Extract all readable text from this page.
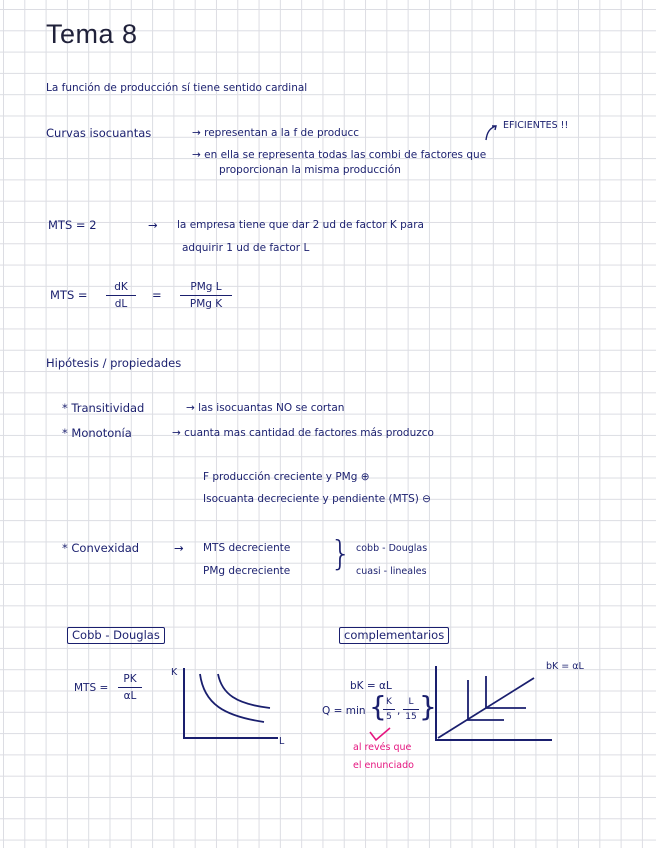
Tema 8
La función de producción sí tiene sentido cardinal
Curvas isocuantas	→ representan a la f de producc
EFICIENTES !!
→ en ella se representa todas las combi de factores que
proporcionan la misma producción
MTS = 2	→ la empresa tiene que dar 2 ud de factor K para
adquirir 1 ud de factor L
MTS =
dK
dL
=
PMg L
PMg K
Hipótesis / propiedades
* Transitividad	→ las isocuantas NO se cortan
* Monotonía	→ cuanta mas cantidad de factores más produzco
F producción creciente y PMg ⊕
Isocuanta decreciente y pendiente (MTS) ⊖
* Convexidad	→ MTS decreciente
PMg decreciente } cobb - Douglas
cuasi - lineales
Cobb - Douglas
MTS =
PK
αL
K
L
complementarios
bK = αL
Q = min { K
5 ,
L
15 }
al revés que
el enunciado
bK = αL
